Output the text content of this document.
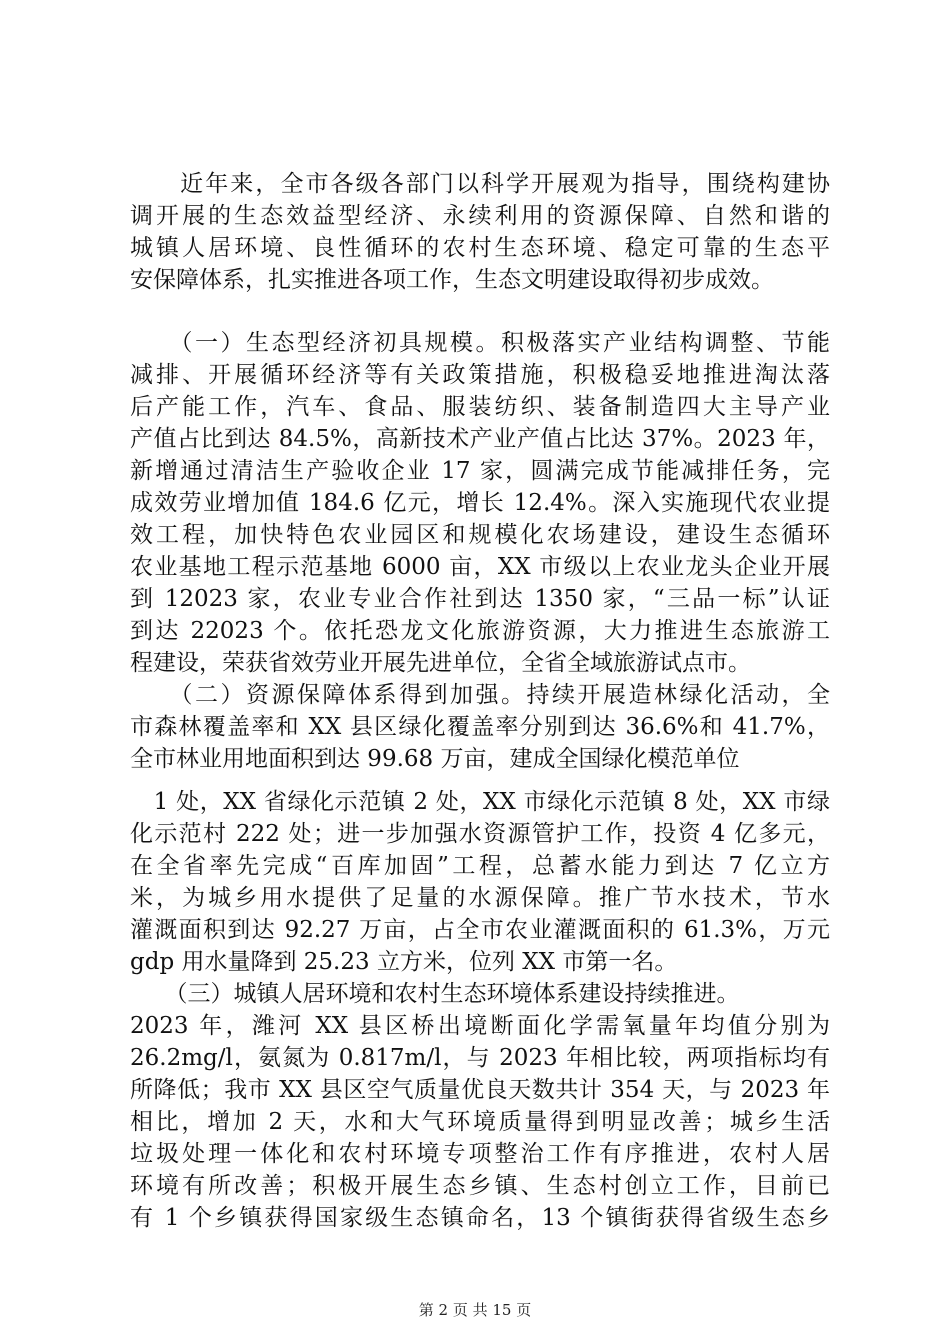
　　近年来，全市各级各部门以科学开展观为指导，围绕构建协
调开展的生态效益型经济、永续利用的资源保障、自然和谐的
城镇人居环境、良性循环的农村生态环境、稳定可靠的生态平
安保障体系，扎实推进各项工作，生态文明建设取得初步成效。
　　（一）生态型经济初具规模。积极落实产业结构调整、节能
减排、开展循环经济等有关政策措施，积极稳妥地推进淘汰落
后产能工作，汽车、食品、服装纺织、装备制造四大主导产业
产值占比到达 84.5%，高新技术产业产值占比达 37%。2023 年，
新增通过清洁生产验收企业 17 家，圆满完成节能减排任务，完
成效劳业增加值 184.6 亿元，增长 12.4%。深入实施现代农业提
效工程，加快特色农业园区和规模化农场建设，建设生态循环
农业基地工程示范基地 6000 亩，XX 市级以上农业龙头企业开展
到 12023 家，农业专业合作社到达 1350 家，“三品一标”认证
到达 22023 个。依托恐龙文化旅游资源，大力推进生态旅游工
程建设，荣获省效劳业开展先进单位，全省全域旅游试点市。
　　（二）资源保障体系得到加强。持续开展造林绿化活动，全
市森林覆盖率和 XX 县区绿化覆盖率分别到达 36.6%和 41.7%，
全市林业用地面积到达 99.68 万亩，建成全国绿化模范单位
　1 处，XX 省绿化示范镇 2 处，XX 市绿化示范镇 8 处，XX 市绿
化示范村 222 处；进一步加强水资源管护工作，投资 4 亿多元，
在全省率先完成“百库加固”工程，总蓄水能力到达 7 亿立方
米，为城乡用水提供了足量的水源保障。推广节水技术，节水
灌溉面积到达 92.27 万亩，占全市农业灌溉面积的 61.3%，万元
gdp 用水量降到 25.23 立方米，位列 XX 市第一名。
　　（三）城镇人居环境和农村生态环境体系建设持续推进。
2023 年，潍河 XX 县区桥出境断面化学需氧量年均值分别为
26.2mg/l，氨氮为 0.817m/l，与 2023 年相比较，两项指标均有
所降低；我市 XX 县区空气质量优良天数共计 354 天，与 2023 年
相比，增加 2 天，水和大气环境质量得到明显改善；城乡生活
垃圾处理一体化和农村环境专项整治工作有序推进，农村人居
环境有所改善；积极开展生态乡镇、生态村创立工作，目前已
有 1 个乡镇获得国家级生态镇命名，13 个镇街获得省级生态乡
第 2 页 共 15 页
